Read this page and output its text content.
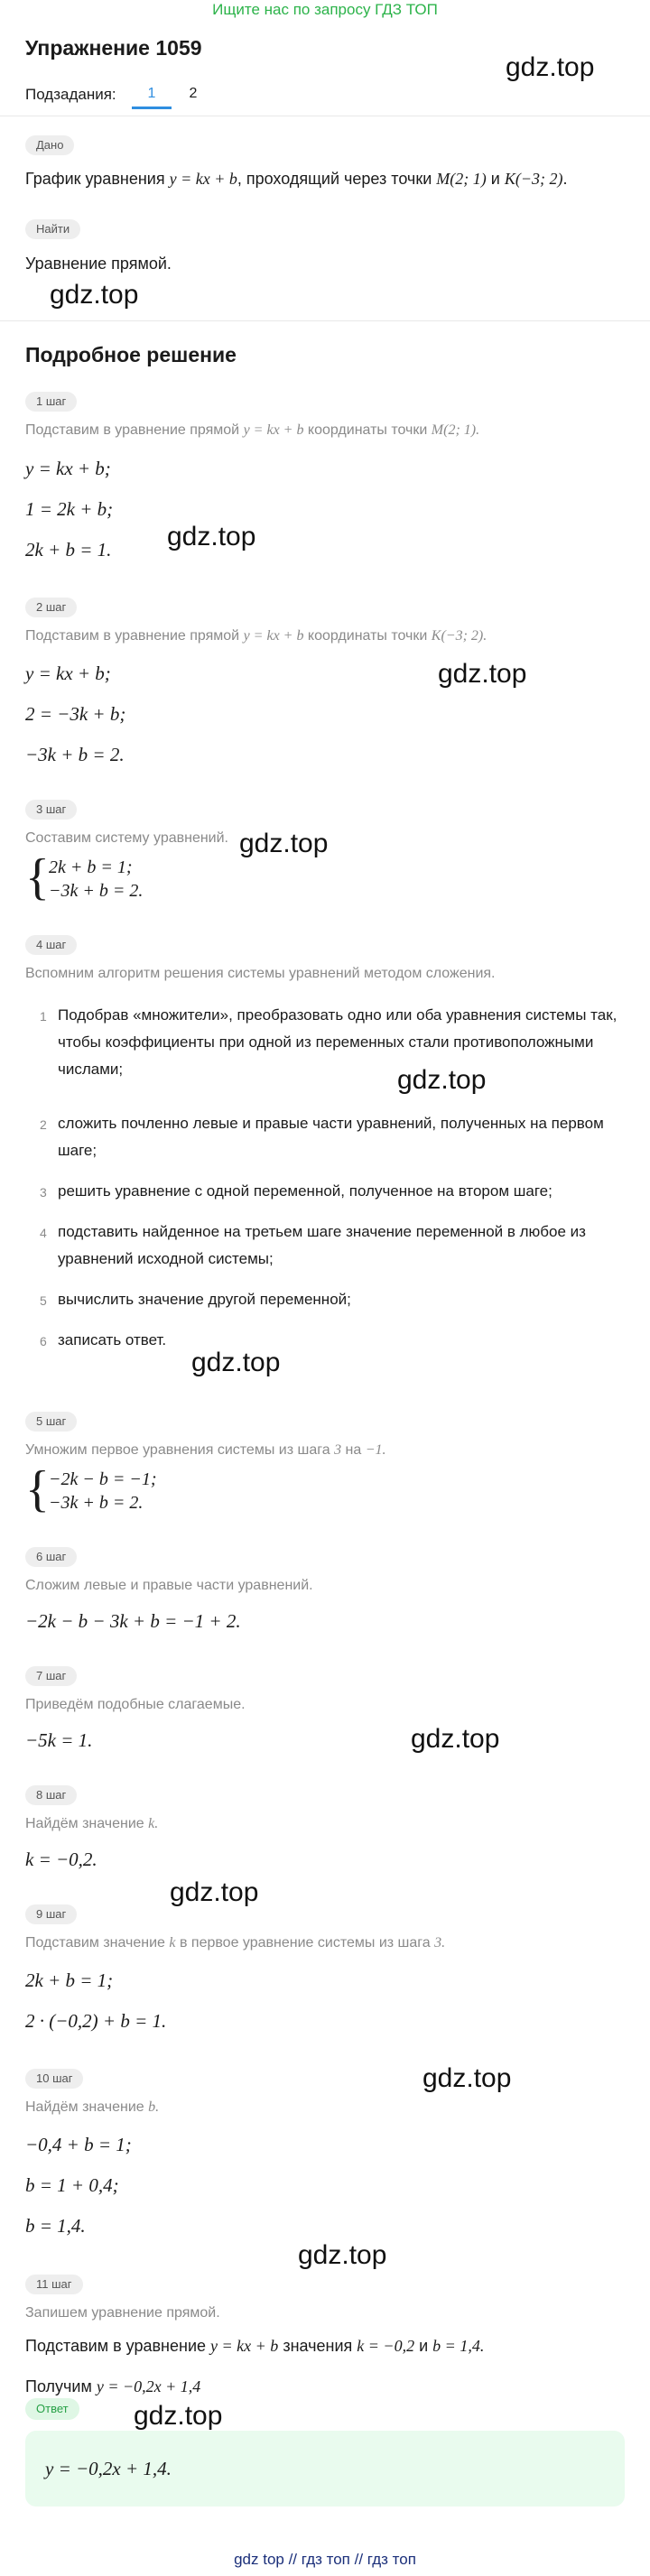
Ищите нас по запросу ГДЗ ТОП
Упражнение 1059
Подзадания:	1	2
Дано
График уравнения y = kx + b, проходящий через точки M(2; 1) и K(−3; 2).
Найти
Уравнение прямой.
Подробное решение
1 шаг
Подставим в уравнение прямой y = kx + b координаты точки M(2; 1).
y = kx + b;
1 = 2k + b;
2k + b = 1.
2 шаг
Подставим в уравнение прямой y = kx + b координаты точки K(−3; 2).
y = kx + b;
2 = −3k + b;
−3k + b = 2.
3 шаг
Составим систему уравнений.
{ 2k + b = 1;
−3k + b = 2.
4 шаг
Вспомним алгоритм решения системы уравнений методом сложения.
1 Подобрав «множители», преобразовать одно или оба уравнения системы так, чтобы коэффициенты при одной из переменных стали противоположными числами;
2 сложить почленно левые и правые части уравнений, полученных на первом шаге;
3 решить уравнение с одной переменной, полученное на втором шаге;
4 подставить найденное на третьем шаге значение переменной в любое из уравнений исходной системы;
5 вычислить значение другой переменной;
6 записать ответ.
5 шаг
Умножим первое уравнения системы из шага 3 на −1.
{ −2k − b = −1;
−3k + b = 2.
6 шаг
Сложим левые и правые части уравнений.
−2k − b − 3k + b = −1 + 2.
7 шаг
Приведём подобные слагаемые.
−5k = 1.
8 шаг
Найдём значение k.
k = −0,2.
9 шаг
Подставим значение k в первое уравнение системы из шага 3.
2k + b = 1;
2 · (−0,2) + b = 1.
10 шаг
Найдём значение b.
−0,4 + b = 1;
b = 1 + 0,4;
b = 1,4.
11 шаг
Запишем уравнение прямой.
Подставим в уравнение y = kx + b значения k = −0,2 и b = 1,4.
Получим y = −0,2x + 1,4
Ответ
y = −0,2x + 1,4.
gdz.top
gdz.top
gdz.top
gdz.top
gdz.top
gdz.top
gdz.top
gdz.top
gdz.top
gdz.top
gdz.top
gdz.top
gdz top // гдз топ // гдз топ
